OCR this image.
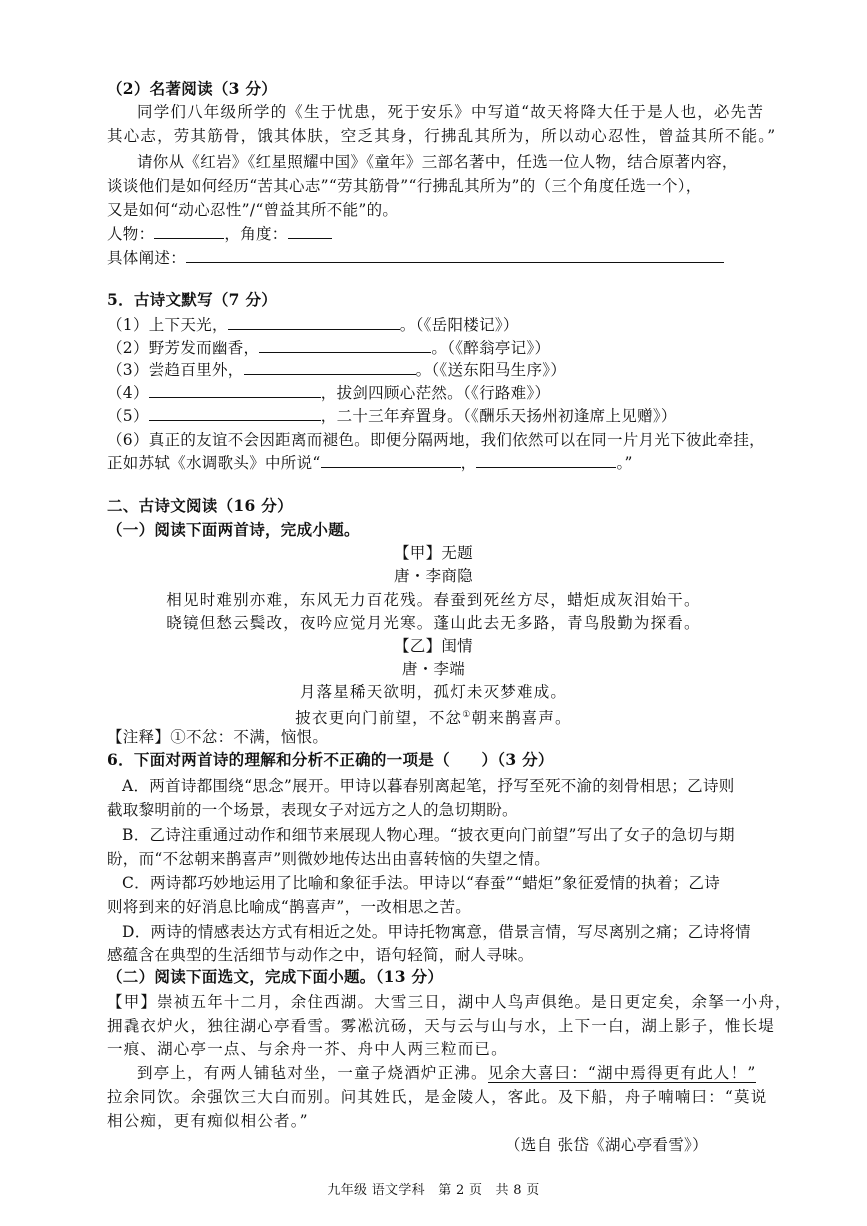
（2）名著阅读（3 分）
同学们八年级所学的《生于忧患，死于安乐》中写道“故天将降大任于是人也，必先苦
其心志，劳其筋骨，饿其体肤，空乏其身，行拂乱其所为，所以动心忍性，曾益其所不能。”
请你从《红岩》《红星照耀中国》《童年》三部名著中，任选一位人物，结合原著内容，
谈谈他们是如何经历“苦其心志”“劳其筋骨”“行拂乱其所为”的（三个角度任选一个），
又是如何“动心忍性”/“曾益其所不能”的。
人物：	，角度：
具体阐述：
5．古诗文默写（7 分）
（1）上下天光，	。（《岳阳楼记》）
（2）野芳发而幽香，	。（《醉翁亭记》）
（3）尝趋百里外，	。（《送东阳马生序》）
（4）	，拔剑四顾心茫然。（《行路难》）
（5）	，二十三年弃置身。（《酬乐天扬州初逢席上见赠》）
（6）真正的友谊不会因距离而褪色。即便分隔两地，我们依然可以在同一片月光下彼此牵挂，
正如苏轼《水调歌头》中所说“	，	。”
二、古诗文阅读（16 分）
（一）阅读下面两首诗，完成小题。
【甲】无题
唐・李商隐
相见时难别亦难，东风无力百花残。春蚕到死丝方尽，蜡炬成灰泪始干。
晓镜但愁云鬓改，夜吟应觉月光寒。蓬山此去无多路，青鸟殷勤为探看。
【乙】闺情
唐・李端
月落星稀天欲明，孤灯未灭梦难成。
披衣更向门前望，不忿①朝来鹊喜声。
【注释】①不忿：不满，恼恨。
6．下面对两首诗的理解和分析不正确的一项是（　　）（3 分）
A．两首诗都围绕“思念”展开。甲诗以暮春别离起笔，抒写至死不渝的刻骨相思；乙诗则
截取黎明前的一个场景，表现女子对远方之人的急切期盼。
B．乙诗注重通过动作和细节来展现人物心理。“披衣更向门前望”写出了女子的急切与期
盼，而“不忿朝来鹊喜声”则微妙地传达出由喜转恼的失望之情。
C．两诗都巧妙地运用了比喻和象征手法。甲诗以“春蚕”“蜡炬”象征爱情的执着；乙诗
则将到来的好消息比喻成“鹊喜声”，一改相思之苦。
D．两诗的情感表达方式有相近之处。甲诗托物寓意，借景言情，写尽离别之痛；乙诗将情
感蕴含在典型的生活细节与动作之中，语句轻简，耐人寻味。
（二）阅读下面选文，完成下面小题。（13 分）
【甲】崇祯五年十二月，余住西湖。大雪三日，湖中人鸟声俱绝。是日更定矣，余拏一小舟，
拥毳衣炉火，独往湖心亭看雪。雾凇沆砀，天与云与山与水，上下一白，湖上影子，惟长堤
一痕、湖心亭一点、与余舟一芥、舟中人两三粒而已。
到亭上，有两人铺毡对坐，一童子烧酒炉正沸。见余大喜曰：“湖中焉得更有此人！”
拉余同饮。余强饮三大白而别。问其姓氏，是金陵人，客此。及下船，舟子喃喃曰：“莫说
相公痴，更有痴似相公者。”
（选自 张岱《湖心亭看雪》）
九年级 语文学科　第 2 页　共 8 页
